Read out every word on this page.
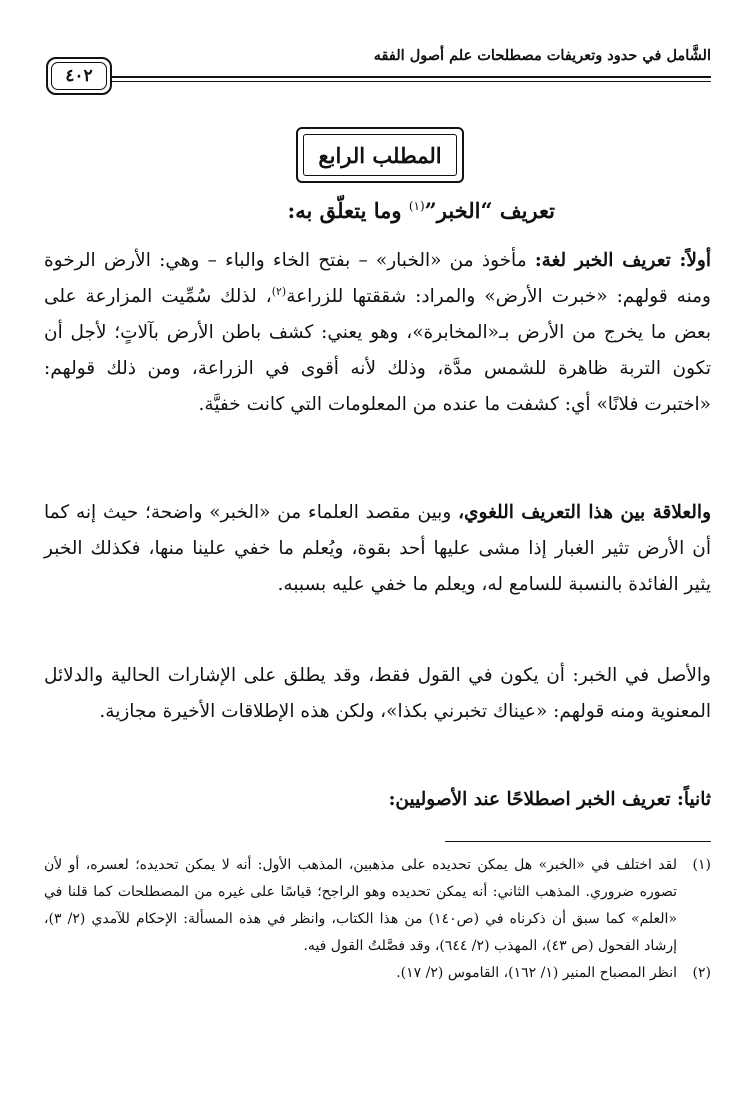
الشَّامل في حدود وتعريفات مصطلحات علم أصول الفقه
٤٠٢
المطلب الرابع
تعريف “الخبر”$^{(١)}$ وما يتعلّق به:

أولاً: تعريف الخبر لغة: مأخوذ من «الخبار» – بفتح الخاء والباء – وهي: الأرض الرخوة ومنه قولهم: «خبرت الأرض» والمراد: شققتها للزراعة$^{(٢)}$، لذلك سُمِّيت المزارعة على بعض ما يخرج من الأرض بـ«المخابرة»، وهو يعني: كشف باطن الأرض بآلاتٍ؛ لأجل أن تكون التربة ظاهرة للشمس مدَّة، وذلك لأنه أقوى في الزراعة، ومن ذلك قولهم: «اختبرت فلانًا» أي: كشفت ما عنده من المعلومات التي كانت خفيَّة.

والعلاقة بين هذا التعريف اللغوي، وبين مقصد العلماء من «الخبر» واضحة؛ حيث إنه كما أن الأرض تثير الغبار إذا مشى عليها أحد بقوة، ويُعلم ما خفي علينا منها، فكذلك الخبر يثير الفائدة بالنسبة للسامع له، ويعلم ما خفي عليه بسببه.

والأصل في الخبر: أن يكون في القول فقط، وقد يطلق على الإشارات الحالية والدلائل المعنوية ومنه قولهم: «عيناك تخبرني بكذا»، ولكن هذه الإطلاقات الأخيرة مجازية.

ثانياً: تعريف الخبر اصطلاحًا عند الأصوليين:

(١)
لقد اختلف في «الخبر» هل يمكن تحديده على مذهبين، المذهب الأول: أنه لا يمكن تحديده؛ لعسره، أو لأن تصوره ضروري. المذهب الثاني: أنه يمكن تحديده وهو الراجح؛ قياسًا على غيره من المصطلحات كما قلنا في «العلم» كما سبق أن ذكرناه في (ص١٤٠) من هذا الكتاب، وانظر في هذه المسألة: الإحكام للآمدي (٢/ ٣)، إرشاد الفحول (ص ٤٣)، المهذب (٢/ ٦٤٤)، وقد فصَّلتُ القول فيه.
(٢)
انظر المصباح المنير (١/ ١٦٢)، القاموس (٢/ ١٧).
